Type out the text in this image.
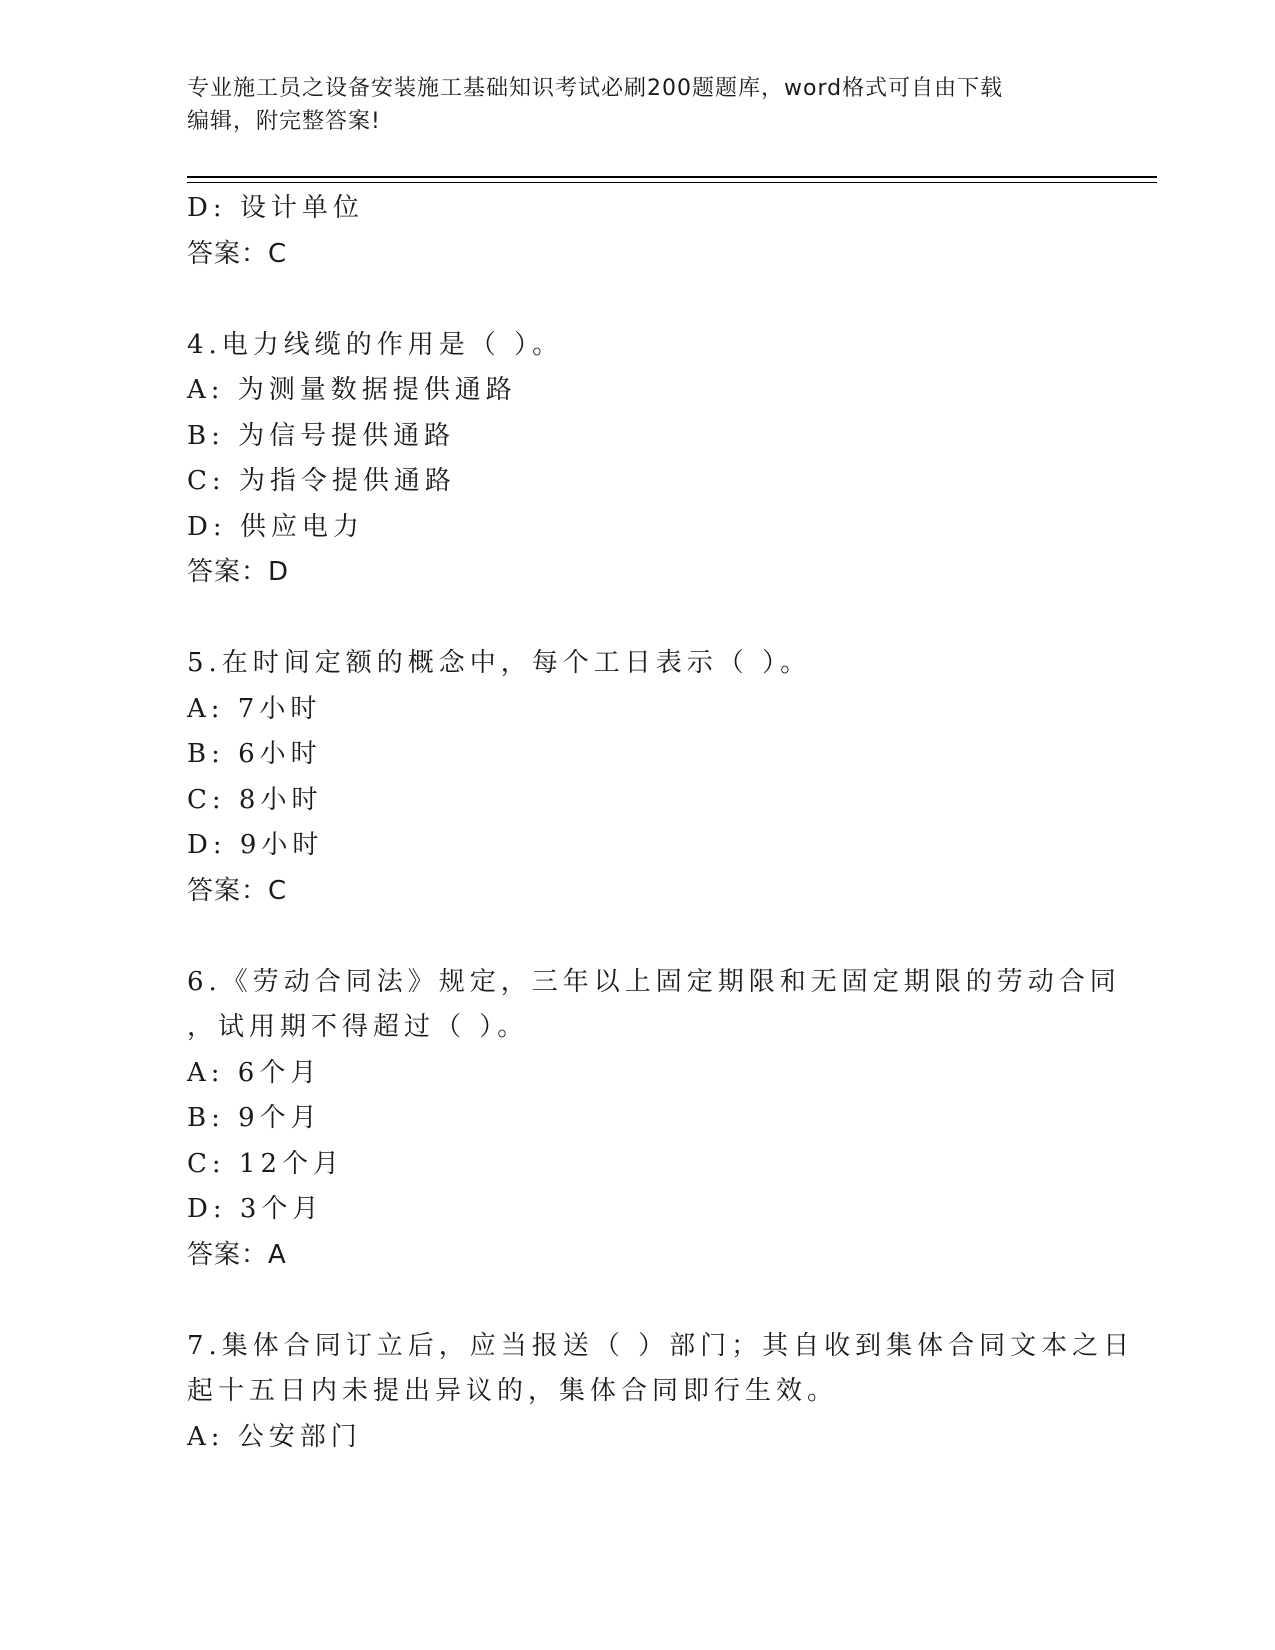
专业施工员之设备安装施工基础知识考试必刷200题题库，word格式可自由下载
编辑，附完整答案!
D: 设计单位
答案：C
4.电力线缆的作用是（ ）。
A: 为测量数据提供通路
B: 为信号提供通路
C: 为指令提供通路
D: 供应电力
答案：D
5.在时间定额的概念中，每个工日表示（ ）。
A: 7小时
B: 6小时
C: 8小时
D: 9小时
答案：C
6.《劳动合同法》规定，三年以上固定期限和无固定期限的劳动合同
，试用期不得超过（ ）。
A: 6个月
B: 9个月
C: 12个月
D: 3个月
答案：A
7.集体合同订立后，应当报送（ ）部门；其自收到集体合同文本之日
起十五日内未提出异议的，集体合同即行生效。
A: 公安部门
